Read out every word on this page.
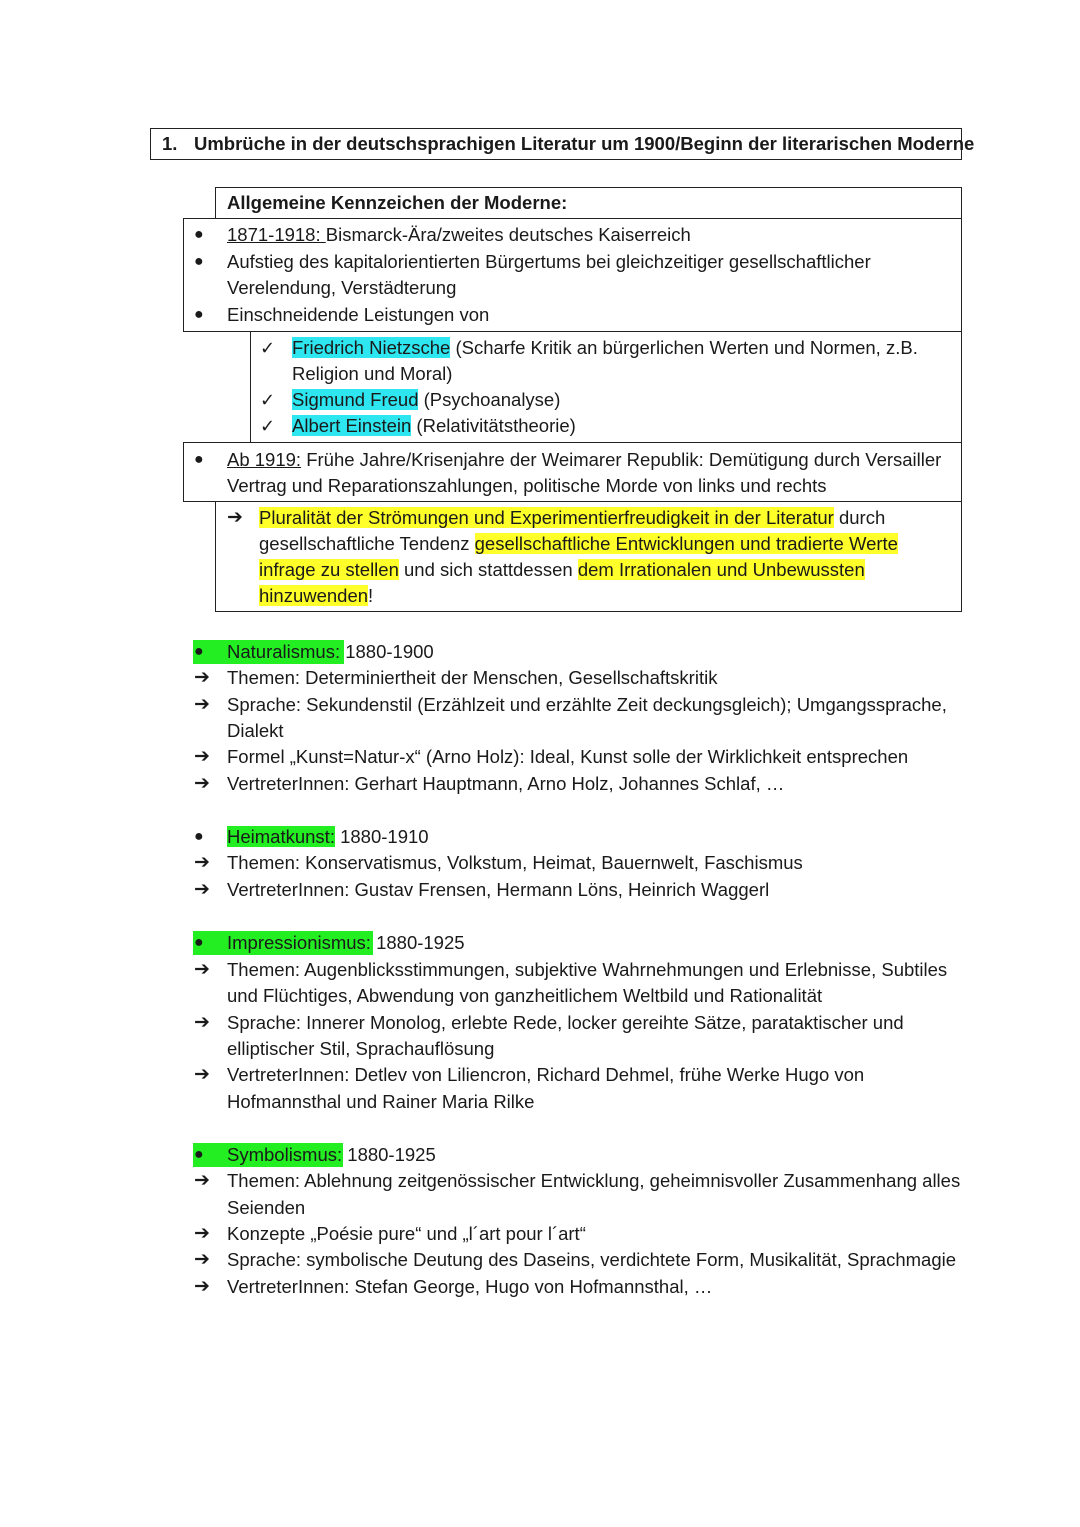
1. Umbrüche in der deutschsprachigen Literatur um 1900/Beginn der literarischen Moderne
Allgemeine Kennzeichen der Moderne:
● 1871-1918: Bismarck-Ära/zweites deutsches Kaiserreich
● Aufstieg des kapitalorientierten Bürgertums bei gleichzeitiger gesellschaftlicher
Verelendung, Verstädterung
● Einschneidende Leistungen von
✓ Friedrich Nietzsche (Scharfe Kritik an bürgerlichen Werten und Normen, z.B.
Religion und Moral)
✓ Sigmund Freud (Psychoanalyse)
✓ Albert Einstein (Relativitätstheorie)
● Ab 1919: Frühe Jahre/Krisenjahre der Weimarer Republik: Demütigung durch Versailler
Vertrag und Reparationszahlungen, politische Morde von links und rechts
➔ Pluralität der Strömungen und Experimentierfreudigkeit in der Literatur durch
gesellschaftliche Tendenz gesellschaftliche Entwicklungen und tradierte Werte
infrage zu stellen und sich stattdessen dem Irrationalen und Unbewussten
hinzuwenden!
● Naturalismus: 1880-1900
➔ Themen: Determiniertheit der Menschen, Gesellschaftskritik
➔ Sprache: Sekundenstil (Erzählzeit und erzählte Zeit deckungsgleich); Umgangssprache,
Dialekt
➔ Formel „Kunst=Natur-x“ (Arno Holz): Ideal, Kunst solle der Wirklichkeit entsprechen
➔ VertreterInnen: Gerhart Hauptmann, Arno Holz, Johannes Schlaf, …
● Heimatkunst: 1880-1910
➔ Themen: Konservatismus, Volkstum, Heimat, Bauernwelt, Faschismus
➔ VertreterInnen: Gustav Frensen, Hermann Löns, Heinrich Waggerl
● Impressionismus: 1880-1925
➔ Themen: Augenblicksstimmungen, subjektive Wahrnehmungen und Erlebnisse, Subtiles
und Flüchtiges, Abwendung von ganzheitlichem Weltbild und Rationalität
➔ Sprache: Innerer Monolog, erlebte Rede, locker gereihte Sätze, parataktischer und
elliptischer Stil, Sprachauflösung
➔ VertreterInnen: Detlev von Liliencron, Richard Dehmel, frühe Werke Hugo von
Hofmannsthal und Rainer Maria Rilke
● Symbolismus: 1880-1925
➔ Themen: Ablehnung zeitgenössischer Entwicklung, geheimnisvoller Zusammenhang alles
Seienden
➔ Konzepte „Poésie pure“ und „l´art pour l´art“
➔ Sprache: symbolische Deutung des Daseins, verdichtete Form, Musikalität, Sprachmagie
➔ VertreterInnen: Stefan George, Hugo von Hofmannsthal, …
